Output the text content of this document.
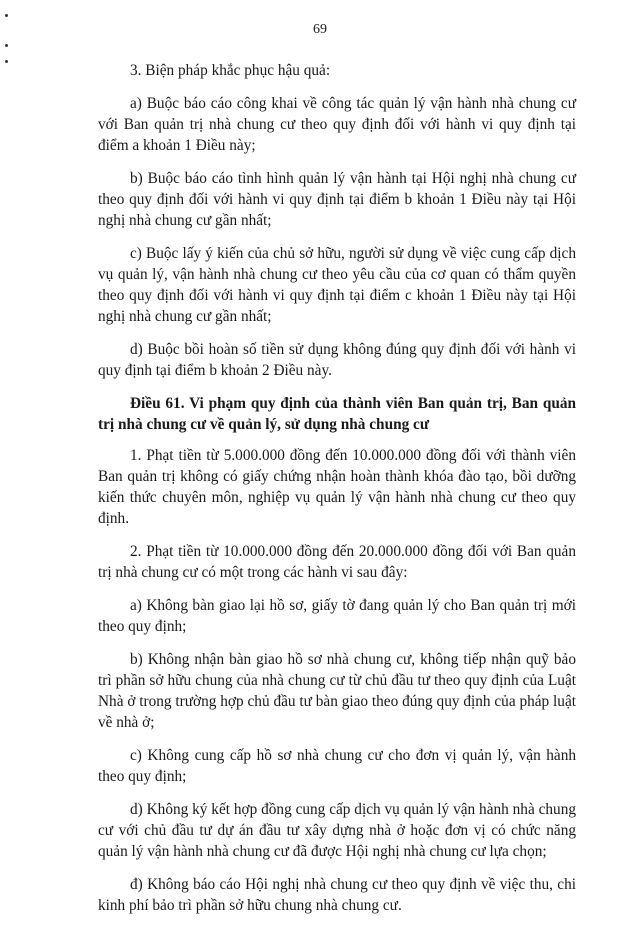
69

3. Biện pháp khắc phục hậu quả:

a) Buộc báo cáo công khai về công tác quản lý vận hành nhà chung cư với Ban quản trị nhà chung cư theo quy định đối với hành vi quy định tại điểm a khoản 1 Điều này;

b) Buộc báo cáo tình hình quản lý vận hành tại Hội nghị nhà chung cư theo quy định đối với hành vi quy định tại điểm b khoản 1 Điều này tại Hội nghị nhà chung cư gần nhất;

c) Buộc lấy ý kiến của chủ sở hữu, người sử dụng về việc cung cấp dịch vụ quản lý, vận hành nhà chung cư theo yêu cầu của cơ quan có thẩm quyền theo quy định đối với hành vi quy định tại điểm c khoản 1 Điều này tại Hội nghị nhà chung cư gần nhất;

d) Buộc bồi hoàn số tiền sử dụng không đúng quy định đối với hành vi quy định tại điểm b khoản 2 Điều này.

Điều 61. Vi phạm quy định của thành viên Ban quản trị, Ban quản trị nhà chung cư về quản lý, sử dụng nhà chung cư

1. Phạt tiền từ 5.000.000 đồng đến 10.000.000 đồng đối với thành viên Ban quản trị không có giấy chứng nhận hoàn thành khóa đào tạo, bồi dưỡng kiến thức chuyên môn, nghiệp vụ quản lý vận hành nhà chung cư theo quy định.

2. Phạt tiền từ 10.000.000 đồng đến 20.000.000 đồng đối với Ban quản trị nhà chung cư có một trong các hành vi sau đây:

a) Không bàn giao lại hồ sơ, giấy tờ đang quản lý cho Ban quản trị mới theo quy định;

b) Không nhận bàn giao hồ sơ nhà chung cư, không tiếp nhận quỹ bảo trì phần sở hữu chung của nhà chung cư từ chủ đầu tư theo quy định của Luật Nhà ở trong trường hợp chủ đầu tư bàn giao theo đúng quy định của pháp luật về nhà ở;

c) Không cung cấp hồ sơ nhà chung cư cho đơn vị quản lý, vận hành theo quy định;

d) Không ký kết hợp đồng cung cấp dịch vụ quản lý vận hành nhà chung cư với chủ đầu tư dự án đầu tư xây dựng nhà ở hoặc đơn vị có chức năng quản lý vận hành nhà chung cư đã được Hội nghị nhà chung cư lựa chọn;

đ) Không báo cáo Hội nghị nhà chung cư theo quy định về việc thu, chi kinh phí bảo trì phần sở hữu chung nhà chung cư.
